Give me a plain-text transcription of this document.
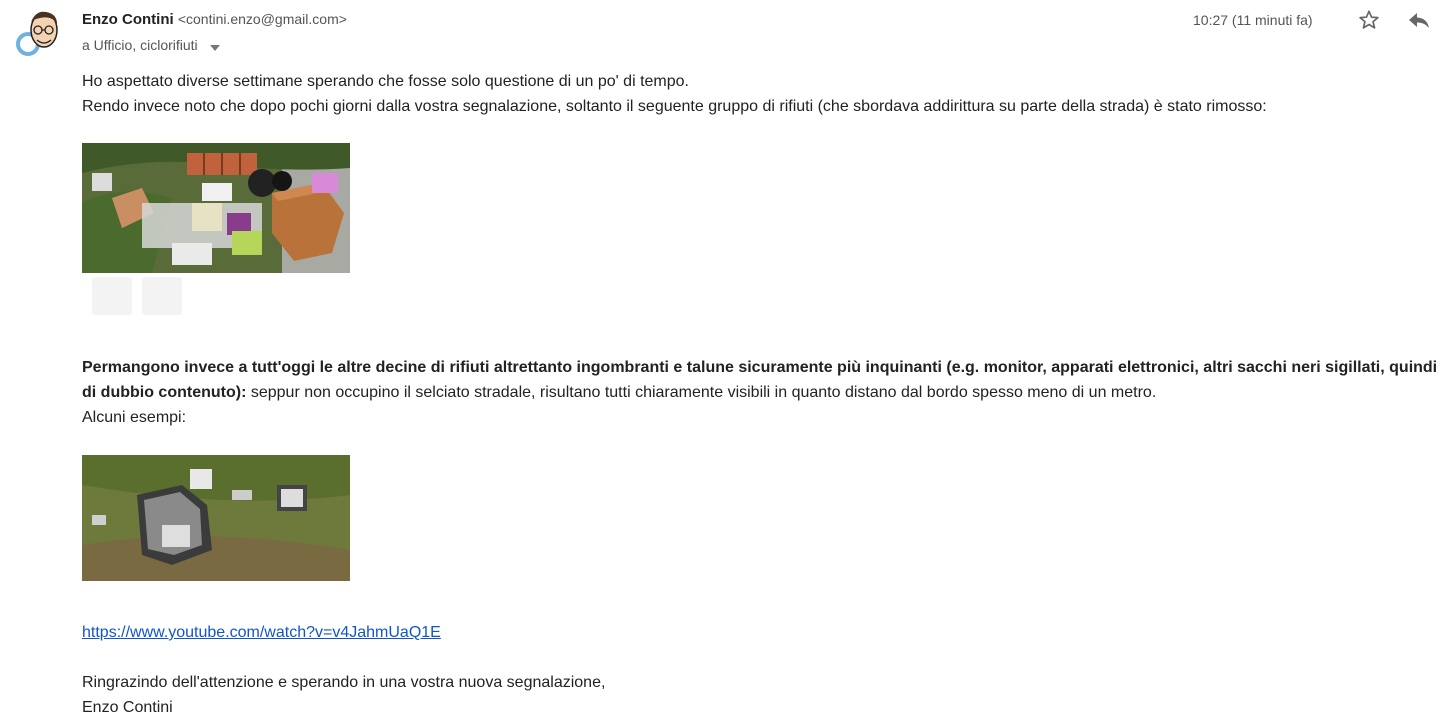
Enzo Contini <contini.enzo@gmail.com>
a Ufficio, ciclorifiuti
10:27 (11 minuti fa)

Ho aspettato diverse settimane sperando che fosse solo questione di un po' di tempo.

Rendo invece noto che dopo pochi giorni dalla vostra segnalazione, soltanto il seguente gruppo di rifiuti (che sbordava addirittura su parte della strada) è stato rimosso:

Permangono invece a tutt'oggi le altre decine di rifiuti altrettanto ingombranti e talune sicuramente più inquinanti (e.g. monitor, apparati elettronici, altri sacchi neri sigillati, quindi di dubbio contenuto): seppur non occupino il selciato stradale, risultano tutti chiaramente visibili in quanto distano dal bordo spesso meno di un metro.

Alcuni esempi:

https://www.youtube.com/watch?v=v4JahmUaQ1E

Ringrazindo dell'attenzione e sperando in una vostra nuova segnalazione,

Enzo Contini
